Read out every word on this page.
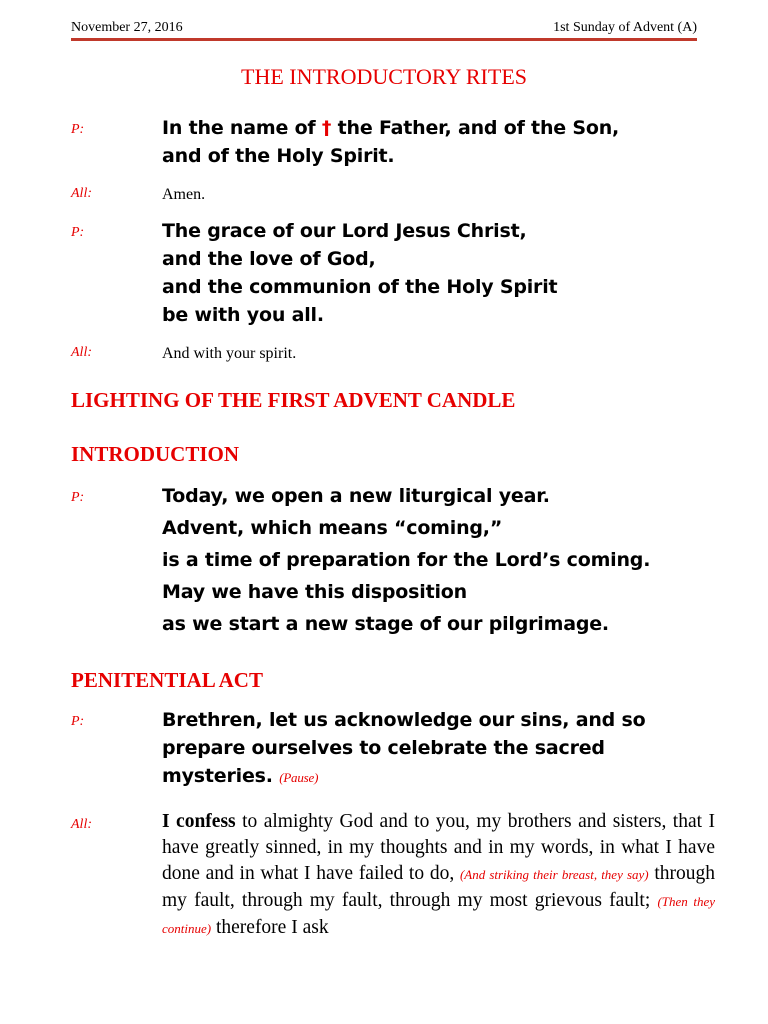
November 27, 2016	1st Sunday of Advent (A)
THE INTRODUCTORY RITES
P:	In the name of † the Father, and of the Son,
and of the Holy Spirit.
All:	Amen.
P:	The grace of our Lord Jesus Christ,
and the love of God,
and the communion of the Holy Spirit
be with you all.
All:	And with your spirit.
LIGHTING OF THE FIRST ADVENT CANDLE
INTRODUCTION
P:	Today, we open a new liturgical year.
Advent, which means “coming,”
is a time of preparation for the Lord’s coming.
May we have this disposition
as we start a new stage of our pilgrimage.
PENITENTIAL ACT
P:	Brethren, let us acknowledge our sins, and so
prepare ourselves to celebrate the sacred
mysteries. (Pause)
All:	I confess to almighty God and to you, my brothers and sisters, that I have greatly sinned, in my thoughts and in my words, in what I have done and in what I have failed to do, (And striking their breast, they say) through my fault, through my fault, through my most grievous fault; (Then they continue) therefore I ask
